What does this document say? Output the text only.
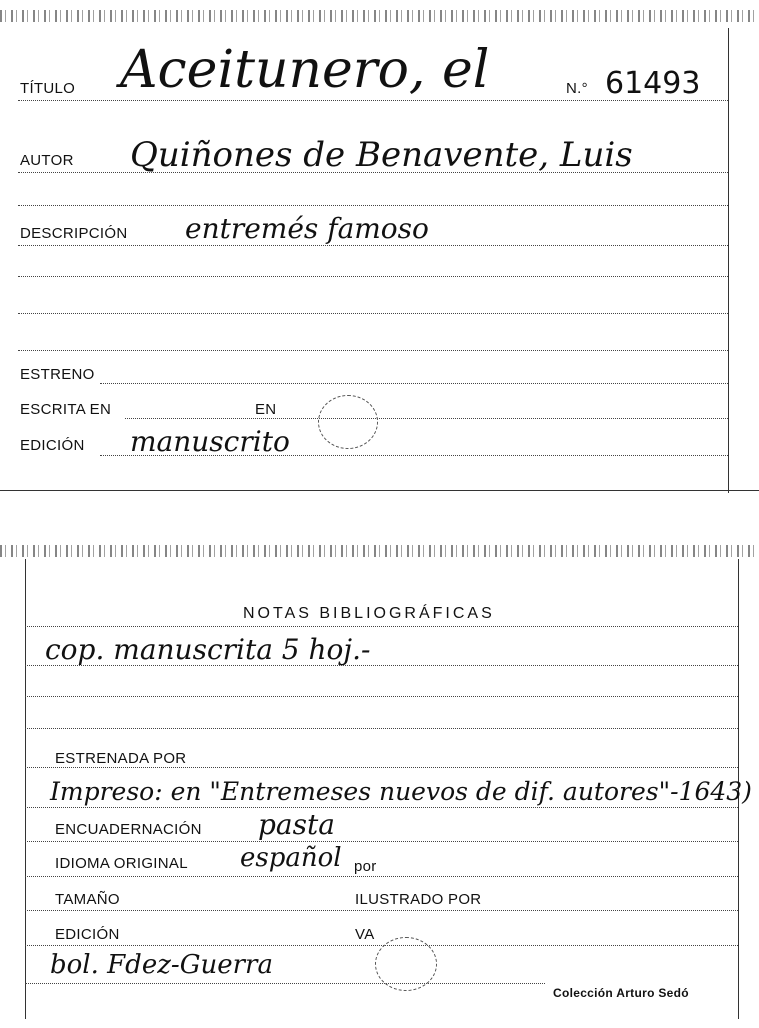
TÍTULO Aceitunero, el	N.° 61493
AUTOR Quiñones de Benavente, Luis
DESCRIPCIÓN entremés famoso
ESTRENO
ESCRITA EN	EN
EDICIÓN manuscrito
NOTAS BIBLIOGRÁFICAS
cop. manuscrita 5 hoj.-
ESTRENADA POR
Impreso: en "Entremeses nuevos de dif. autores"-1643)
ENCUADERNACIÓN pasta
IDIOMA ORIGINAL español por
TAMAÑO	ILUSTRADO POR
EDICIÓN	VA
bol. Fdez-Guerra
Colección Arturo Sedó
